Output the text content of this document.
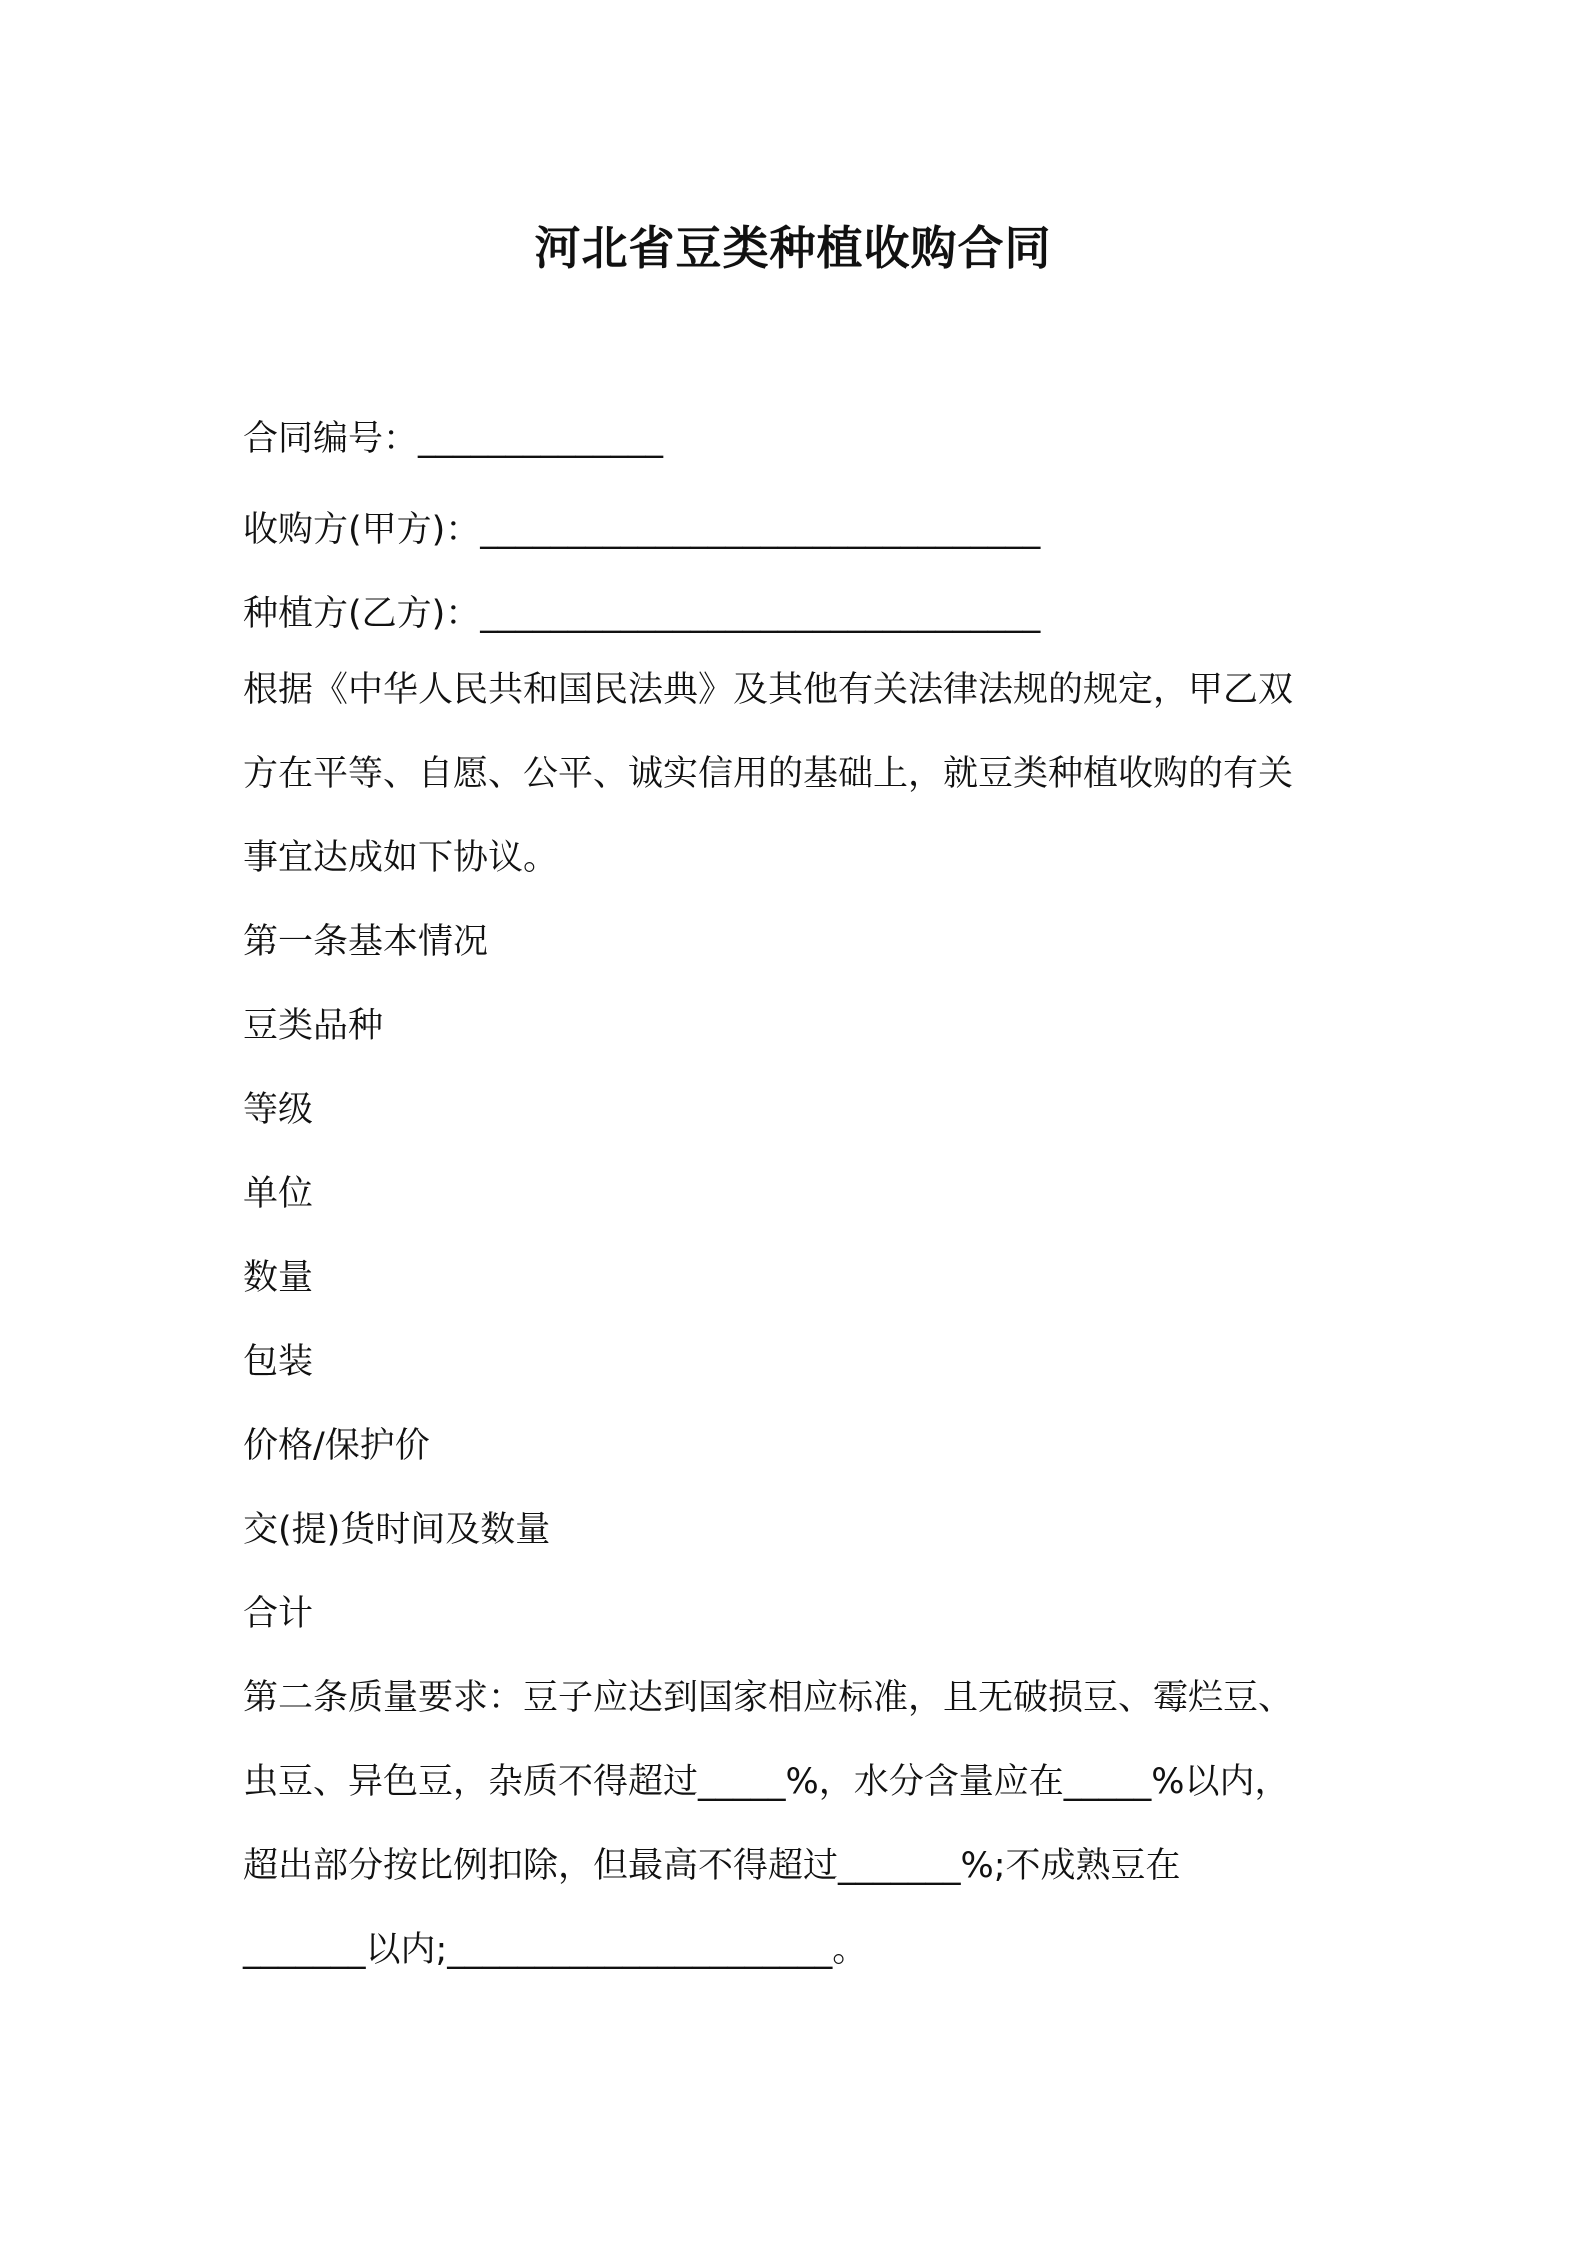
河北省豆类种植收购合同
合同编号：______________
收购方(甲方)：________________________________
种植方(乙方)：________________________________
根据《中华人民共和国民法典》及其他有关法律法规的规定，甲乙双
方在平等、自愿、公平、诚实信用的基础上，就豆类种植收购的有关
事宜达成如下协议。
第一条基本情况
豆类品种
等级
单位
数量
包装
价格/保护价
交(提)货时间及数量
合计
第二条质量要求：豆子应达到国家相应标准，且无破损豆、霉烂豆、
虫豆、异色豆，杂质不得超过_____%，水分含量应在_____%以内，
超出部分按比例扣除，但最高不得超过_______%;不成熟豆在
_______以内;______________________。
